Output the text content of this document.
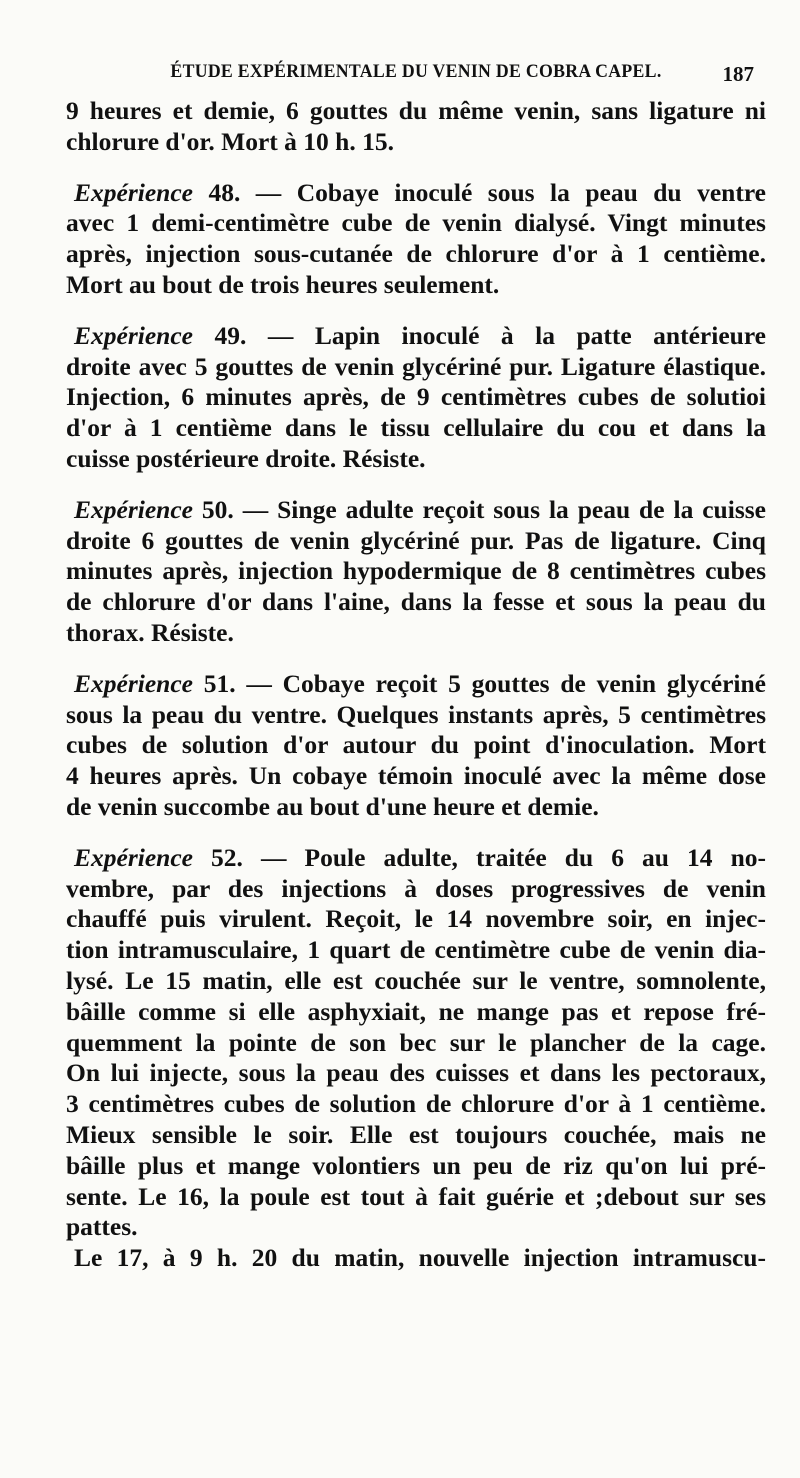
ÉTUDE EXPÉRIMENTALE DU VENIN DE COBRA CAPEL.	187
9 heures et demie, 6 gouttes du même venin, sans ligature ni
chlorure d'or. Mort à 10 h. 15.
Expérience 48. — Cobaye inoculé sous la peau du ventre
avec 1 demi-centimètre cube de venin dialysé. Vingt minutes
après, injection sous-cutanée de chlorure d'or à 1 centième.
Mort au bout de trois heures seulement.
Expérience 49. — Lapin inoculé à la patte antérieure
droite avec 5 gouttes de venin glycériné pur. Ligature élastique.
Injection, 6 minutes après, de 9 centimètres cubes de solutioi
d'or à 1 centième dans le tissu cellulaire du cou et dans la
cuisse postérieure droite. Résiste.
Expérience 50. — Singe adulte reçoit sous la peau de la cuisse
droite 6 gouttes de venin glycériné pur. Pas de ligature. Cinq
minutes après, injection hypodermique de 8 centimètres cubes
de chlorure d'or dans l'aine, dans la fesse et sous la peau du
thorax. Résiste.
Expérience 51. — Cobaye reçoit 5 gouttes de venin glycériné
sous la peau du ventre. Quelques instants après, 5 centimètres
cubes de solution d'or autour du point d'inoculation. Mort
4 heures après. Un cobaye témoin inoculé avec la même dose
de venin succombe au bout d'une heure et demie.
Expérience 52. — Poule adulte, traitée du 6 au 14 no-
vembre, par des injections à doses progressives de venin
chauffé puis virulent. Reçoit, le 14 novembre soir, en injec-
tion intramusculaire, 1 quart de centimètre cube de venin dia-
lysé. Le 15 matin, elle est couchée sur le ventre, somnolente,
bâille comme si elle asphyxiait, ne mange pas et repose fré-
quemment la pointe de son bec sur le plancher de la cage.
On lui injecte, sous la peau des cuisses et dans les pectoraux,
3 centimètres cubes de solution de chlorure d'or à 1 centième.
Mieux sensible le soir. Elle est toujours couchée, mais ne
bâille plus et mange volontiers un peu de riz qu'on lui pré-
sente. Le 16, la poule est tout à fait guérie et ;debout sur ses
pattes.
Le 17, à 9 h. 20 du matin, nouvelle injection intramuscu-
